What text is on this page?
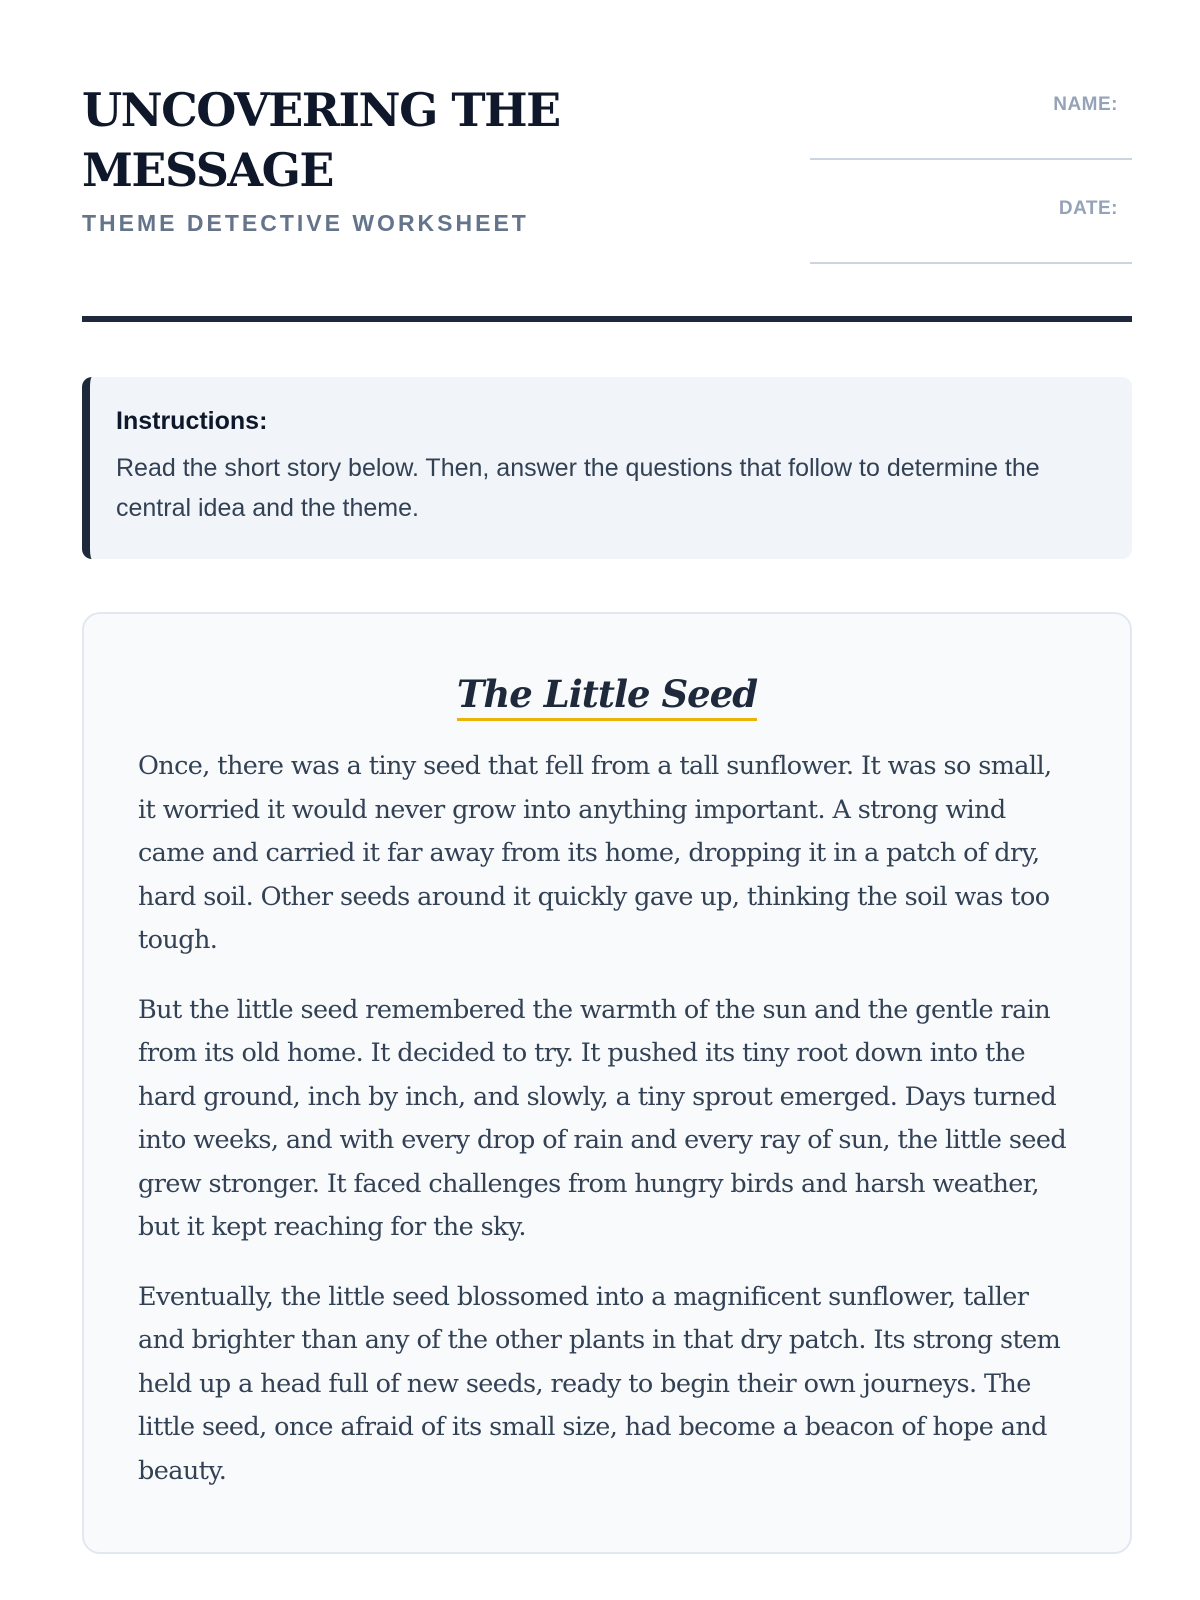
UNCOVERING THE MESSAGE
THEME DETECTIVE WORKSHEET
NAME:
DATE:

Instructions:

Read the short story below. Then, answer the questions that follow to determine the central idea and the theme.

The Little Seed

Once, there was a tiny seed that fell from a tall sunflower. It was so small, it worried it would never grow into anything important. A strong wind came and carried it far away from its home, dropping it in a patch of dry, hard soil. Other seeds around it quickly gave up, thinking the soil was too tough.

But the little seed remembered the warmth of the sun and the gentle rain from its old home. It decided to try. It pushed its tiny root down into the hard ground, inch by inch, and slowly, a tiny sprout emerged. Days turned into weeks, and with every drop of rain and every ray of sun, the little seed grew stronger. It faced challenges from hungry birds and harsh weather, but it kept reaching for the sky.

Eventually, the little seed blossomed into a magnificent sunflower, taller and brighter than any of the other plants in that dry patch. Its strong stem held up a head full of new seeds, ready to begin their own journeys. The little seed, once afraid of its small size, had become a beacon of hope and beauty.
